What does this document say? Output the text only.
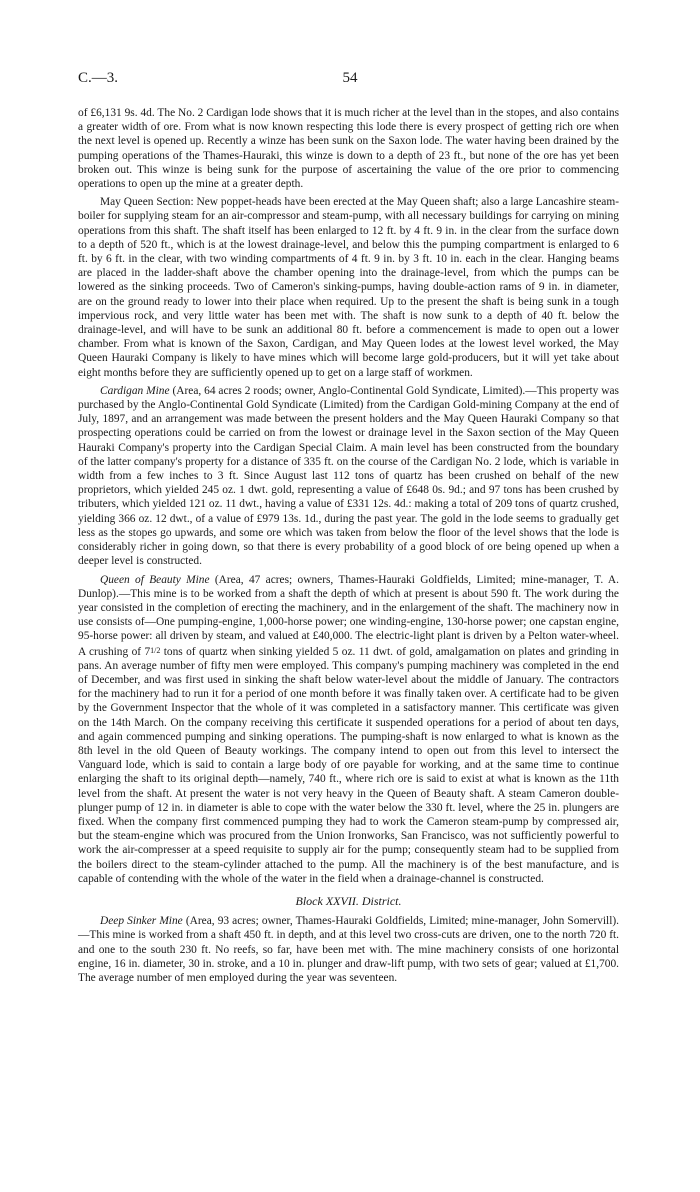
C.—3.	54

of £6,131 9s. 4d. The No. 2 Cardigan lode shows that it is much richer at the level than in the stopes, and also contains a greater width of ore. From what is now known respecting this lode there is every prospect of getting rich ore when the next level is opened up. Recently a winze has been sunk on the Saxon lode. The water having been drained by the pumping operations of the Thames-Hauraki, this winze is down to a depth of 23 ft., but none of the ore has yet been broken out. This winze is being sunk for the purpose of ascertaining the value of the ore prior to commencing operations to open up the mine at a greater depth.

May Queen Section: New poppet-heads have been erected at the May Queen shaft; also a large Lancashire steam-boiler for supplying steam for an air-compressor and steam-pump, with all necessary buildings for carrying on mining operations from this shaft. The shaft itself has been enlarged to 12 ft. by 4 ft. 9 in. in the clear from the surface down to a depth of 520 ft., which is at the lowest drainage-level, and below this the pumping compartment is enlarged to 6 ft. by 6 ft. in the clear, with two winding compartments of 4 ft. 9 in. by 3 ft. 10 in. each in the clear. Hanging beams are placed in the ladder-shaft above the chamber opening into the drainage-level, from which the pumps can be lowered as the sinking proceeds. Two of Cameron's sinking-pumps, having double-action rams of 9 in. in diameter, are on the ground ready to lower into their place when required. Up to the present the shaft is being sunk in a tough impervious rock, and very little water has been met with. The shaft is now sunk to a depth of 40 ft. below the drainage-level, and will have to be sunk an additional 80 ft. before a commencement is made to open out a lower chamber. From what is known of the Saxon, Cardigan, and May Queen lodes at the lowest level worked, the May Queen Hauraki Company is likely to have mines which will become large gold-producers, but it will yet take about eight months before they are sufficiently opened up to get on a large staff of workmen.

Cardigan Mine (Area, 64 acres 2 roods; owner, Anglo-Continental Gold Syndicate, Limited).—This property was purchased by the Anglo-Continental Gold Syndicate (Limited) from the Cardigan Gold-mining Company at the end of July, 1897, and an arrangement was made between the present holders and the May Queen Hauraki Company so that prospecting operations could be carried on from the lowest or drainage level in the Saxon section of the May Queen Hauraki Company's property into the Cardigan Special Claim. A main level has been constructed from the boundary of the latter company's property for a distance of 335 ft. on the course of the Cardigan No. 2 lode, which is variable in width from a few inches to 3 ft. Since August last 112 tons of quartz has been crushed on behalf of the new proprietors, which yielded 245 oz. 1 dwt. gold, representing a value of £648 0s. 9d.; and 97 tons has been crushed by tributers, which yielded 121 oz. 11 dwt., having a value of £331 12s. 4d.: making a total of 209 tons of quartz crushed, yielding 366 oz. 12 dwt., of a value of £979 13s. 1d., during the past year. The gold in the lode seems to gradually get less as the stopes go upwards, and some ore which was taken from below the floor of the level shows that the lode is considerably richer in going down, so that there is every probability of a good block of ore being opened up when a deeper level is constructed.

Queen of Beauty Mine (Area, 47 acres; owners, Thames-Hauraki Goldfields, Limited; mine-manager, T. A. Dunlop).—This mine is to be worked from a shaft the depth of which at present is about 590 ft. The work during the year consisted in the completion of erecting the machinery, and in the enlargement of the shaft. The machinery now in use consists of—One pumping-engine, 1,000-horse power; one winding-engine, 130-horse power; one capstan engine, 95-horse power: all driven by steam, and valued at £40,000. The electric-light plant is driven by a Pelton water-wheel. A crushing of 71/2 tons of quartz when sinking yielded 5 oz. 11 dwt. of gold, amalgamation on plates and grinding in pans. An average number of fifty men were employed. This company's pumping machinery was completed in the end of December, and was first used in sinking the shaft below water-level about the middle of January. The contractors for the machinery had to run it for a period of one month before it was finally taken over. A certificate had to be given by the Government Inspector that the whole of it was completed in a satisfactory manner. This certificate was given on the 14th March. On the company receiving this certificate it suspended operations for a period of about ten days, and again commenced pumping and sinking operations. The pumping-shaft is now enlarged to what is known as the 8th level in the old Queen of Beauty workings. The company intend to open out from this level to intersect the Vanguard lode, which is said to contain a large body of ore payable for working, and at the same time to continue enlarging the shaft to its original depth—namely, 740 ft., where rich ore is said to exist at what is known as the 11th level from the shaft. At present the water is not very heavy in the Queen of Beauty shaft. A steam Cameron double-plunger pump of 12 in. in diameter is able to cope with the water below the 330 ft. level, where the 25 in. plungers are fixed. When the company first commenced pumping they had to work the Cameron steam-pump by compressed air, but the steam-engine which was procured from the Union Ironworks, San Francisco, was not sufficiently powerful to work the air-compresser at a speed requisite to supply air for the pump; consequently steam had to be supplied from the boilers direct to the steam-cylinder attached to the pump. All the machinery is of the best manufacture, and is capable of contending with the whole of the water in the field when a drainage-channel is constructed.

Block XXVII. District.

Deep Sinker Mine (Area, 93 acres; owner, Thames-Hauraki Goldfields, Limited; mine-manager, John Somervill).—This mine is worked from a shaft 450 ft. in depth, and at this level two cross-cuts are driven, one to the north 720 ft. and one to the south 230 ft. No reefs, so far, have been met with. The mine machinery consists of one horizontal engine, 16 in. diameter, 30 in. stroke, and a 10 in. plunger and draw-lift pump, with two sets of gear; valued at £1,700. The average number of men employed during the year was seventeen.
